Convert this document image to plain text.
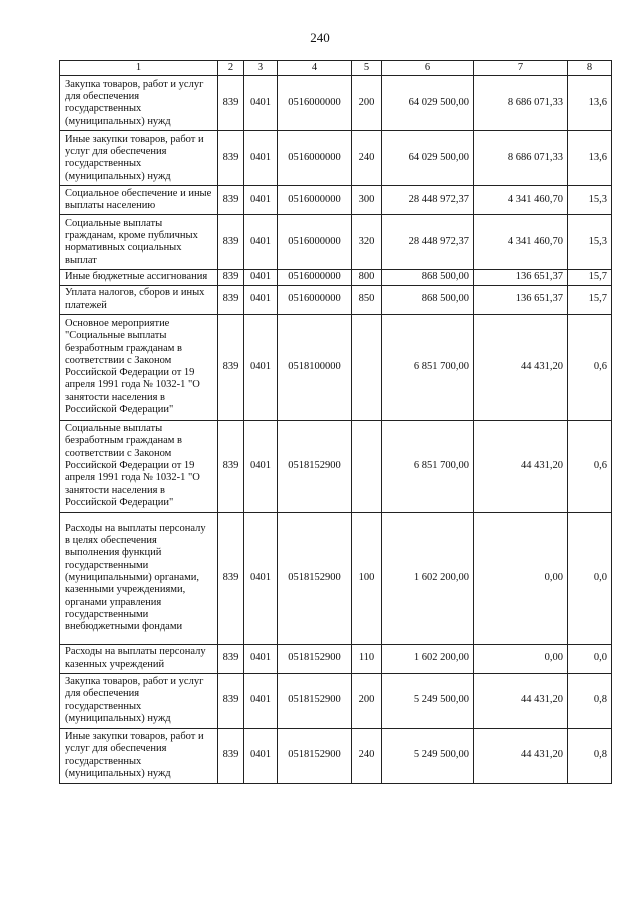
240
1	2	3	4	5	6	7	8
Закупка товаров, работ и услуг для обеспечения государственных (муниципальных) нужд	839	0401	0516000000	200	64 029 500,00	8 686 071,33	13,6
Иные закупки товаров, работ и услуг для обеспечения государственных (муниципальных) нужд	839	0401	0516000000	240	64 029 500,00	8 686 071,33	13,6
Социальное обеспечение и иные выплаты населению	839	0401	0516000000	300	28 448 972,37	4 341 460,70	15,3
Социальные выплаты гражданам, кроме публичных нормативных социальных выплат	839	0401	0516000000	320	28 448 972,37	4 341 460,70	15,3
Иные бюджетные ассигнования	839	0401	0516000000	800	868 500,00	136 651,37	15,7
Уплата налогов, сборов и иных платежей	839	0401	0516000000	850	868 500,00	136 651,37	15,7
Основное мероприятие "Социальные выплаты безработным гражданам в соответствии с Законом Российской Федерации от 19 апреля 1991 года № 1032-1 "О занятости населения в Российской Федерации"	839	0401	0518100000		6 851 700,00	44 431,20	0,6
Социальные выплаты безработным гражданам в соответствии с Законом Российской Федерации от 19 апреля 1991 года № 1032-1 "О занятости населения в Российской Федерации"	839	0401	0518152900		6 851 700,00	44 431,20	0,6
Расходы на выплаты персоналу в целях обеспечения выполнения функций государственными (муниципальными) органами, казенными учреждениями, органами управления государственными внебюджетными фондами	839	0401	0518152900	100	1 602 200,00	0,00	0,0
Расходы на выплаты персоналу казенных учреждений	839	0401	0518152900	110	1 602 200,00	0,00	0,0
Закупка товаров, работ и услуг для обеспечения государственных (муниципальных) нужд	839	0401	0518152900	200	5 249 500,00	44 431,20	0,8
Иные закупки товаров, работ и услуг для обеспечения государственных (муниципальных) нужд	839	0401	0518152900	240	5 249 500,00	44 431,20	0,8
